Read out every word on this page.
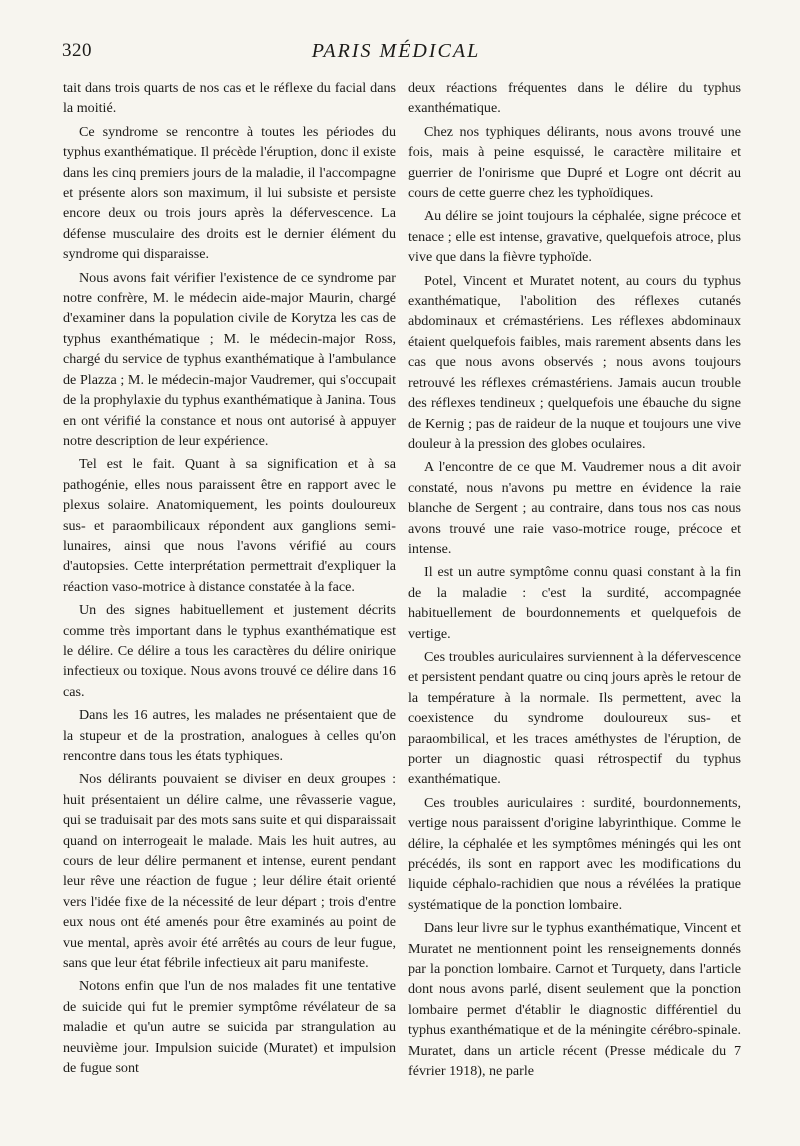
320	PARIS MÉDICAL

tait dans trois quarts de nos cas et le réflexe du facial dans la moitié.

Ce syndrome se rencontre à toutes les périodes du typhus exanthématique. Il précède l'éruption, donc il existe dans les cinq premiers jours de la maladie, il l'accompagne et présente alors son maximum, il lui subsiste et persiste encore deux ou trois jours après la défervescence. La défense musculaire des droits est le dernier élément du syndrome qui disparaisse.

Nous avons fait vérifier l'existence de ce syndrome par notre confrère, M. le médecin aide-major Maurin, chargé d'examiner dans la population civile de Korytza les cas de typhus exanthématique ; M. le médecin-major Ross, chargé du service de typhus exanthématique à l'ambulance de Plazza ; M. le médecin-major Vaudremer, qui s'occupait de la prophylaxie du typhus exanthématique à Janina. Tous en ont vérifié la constance et nous ont autorisé à appuyer notre description de leur expérience.

Tel est le fait. Quant à sa signification et à sa pathogénie, elles nous paraissent être en rapport avec le plexus solaire. Anatomiquement, les points douloureux sus- et paraombilicaux répondent aux ganglions semi-lunaires, ainsi que nous l'avons vérifié au cours d'autopsies. Cette interprétation permettrait d'expliquer la réaction vaso-motrice à distance constatée à la face.

Un des signes habituellement et justement décrits comme très important dans le typhus exanthématique est le délire. Ce délire a tous les caractères du délire onirique infectieux ou toxique. Nous avons trouvé ce délire dans 16 cas.

Dans les 16 autres, les malades ne présentaient que de la stupeur et de la prostration, analogues à celles qu'on rencontre dans tous les états typhiques.

Nos délirants pouvaient se diviser en deux groupes : huit présentaient un délire calme, une rêvasserie vague, qui se traduisait par des mots sans suite et qui disparaissait quand on interrogeait le malade. Mais les huit autres, au cours de leur délire permanent et intense, eurent pendant leur rêve une réaction de fugue ; leur délire était orienté vers l'idée fixe de la nécessité de leur départ ; trois d'entre eux nous ont été amenés pour être examinés au point de vue mental, après avoir été arrêtés au cours de leur fugue, sans que leur état fébrile infectieux ait paru manifeste.

Notons enfin que l'un de nos malades fit une tentative de suicide qui fut le premier symptôme révélateur de sa maladie et qu'un autre se suicida par strangulation au neuvième jour. Impulsion suicide (Muratet) et impulsion de fugue sont

deux réactions fréquentes dans le délire du typhus exanthématique.

Chez nos typhiques délirants, nous avons trouvé une fois, mais à peine esquissé, le caractère militaire et guerrier de l'onirisme que Dupré et Logre ont décrit au cours de cette guerre chez les typhoïdiques.

Au délire se joint toujours la céphalée, signe précoce et tenace ; elle est intense, gravative, quelquefois atroce, plus vive que dans la fièvre typhoïde.

Potel, Vincent et Muratet notent, au cours du typhus exanthématique, l'abolition des réflexes cutanés abdominaux et crémastériens. Les réflexes abdominaux étaient quelquefois faibles, mais rarement absents dans les cas que nous avons observés ; nous avons toujours retrouvé les réflexes crémastériens. Jamais aucun trouble des réflexes tendineux ; quelquefois une ébauche du signe de Kernig ; pas de raideur de la nuque et toujours une vive douleur à la pression des globes oculaires.

A l'encontre de ce que M. Vaudremer nous a dit avoir constaté, nous n'avons pu mettre en évidence la raie blanche de Sergent ; au contraire, dans tous nos cas nous avons trouvé une raie vaso-motrice rouge, précoce et intense.

Il est un autre symptôme connu quasi constant à la fin de la maladie : c'est la surdité, accompagnée habituellement de bourdonnements et quelquefois de vertige.

Ces troubles auriculaires surviennent à la défervescence et persistent pendant quatre ou cinq jours après le retour de la température à la normale. Ils permettent, avec la coexistence du syndrome douloureux sus- et paraombilical, et les traces améthystes de l'éruption, de porter un diagnostic quasi rétrospectif du typhus exanthématique.

Ces troubles auriculaires : surdité, bourdonnements, vertige nous paraissent d'origine labyrinthique. Comme le délire, la céphalée et les symptômes méningés qui les ont précédés, ils sont en rapport avec les modifications du liquide céphalo-rachidien que nous a révélées la pratique systématique de la ponction lombaire.

Dans leur livre sur le typhus exanthématique, Vincent et Muratet ne mentionnent point les renseignements donnés par la ponction lombaire. Carnot et Turquety, dans l'article dont nous avons parlé, disent seulement que la ponction lombaire permet d'établir le diagnostic différentiel du typhus exanthématique et de la méningite cérébro-spinale. Muratet, dans un article récent (Presse médicale du 7 février 1918), ne parle
